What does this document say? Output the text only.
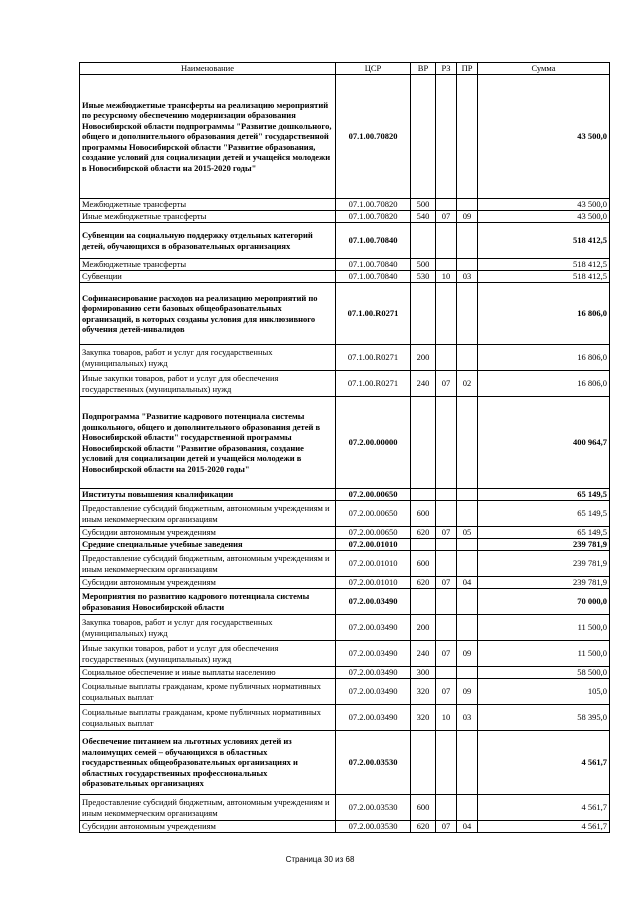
Наименование	ЦСР	ВР	РЗ	ПР	Сумма
Иные межбюджетные трансферты на реализацию мероприятий по ресурсному обеспечению модернизации образования Новосибирской области подпрограммы "Развитие дошкольного, общего и дополнительного образования детей" государственной программы Новосибирской области "Развитие образования, создание условий для социализации детей и учащейся молодежи в Новосибирской области на 2015-2020 годы"	07.1.00.70820				43 500,0
Межбюджетные трансферты	07.1.00.70820	500			43 500,0
Иные межбюджетные трансферты	07.1.00.70820	540	07	09	43 500,0
Субвенции на социальную поддержку отдельных категорий детей, обучающихся в образовательных организациях	07.1.00.70840				518 412,5
Межбюджетные трансферты	07.1.00.70840	500			518 412,5
Субвенции	07.1.00.70840	530	10	03	518 412,5
Софинансирование расходов на реализацию мероприятий по формированию сети базовых общеобразовательных организаций, в которых созданы условия для инклюзивного обучения детей-инвалидов	07.1.00.R0271				16 806,0
Закупка товаров, работ и услуг для государственных (муниципальных) нужд	07.1.00.R0271	200			16 806,0
Иные закупки товаров, работ и услуг для обеспечения государственных (муниципальных) нужд	07.1.00.R0271	240	07	02	16 806,0
Подпрограмма "Развитие кадрового потенциала системы дошкольного, общего и дополнительного образования детей в Новосибирской области" государственной программы Новосибирской области "Развитие образования, создание условий для социализации детей и учащейся молодежи в Новосибирской области на 2015-2020 годы"	07.2.00.00000				400 964,7
Институты повышения квалификации	07.2.00.00650				65 149,5
Предоставление субсидий бюджетным, автономным учреждениям и иным некоммерческим организациям	07.2.00.00650	600			65 149,5
Субсидии автономным учреждениям	07.2.00.00650	620	07	05	65 149,5
Средние специальные учебные заведения	07.2.00.01010				239 781,9
Предоставление субсидий бюджетным, автономным учреждениям и иным некоммерческим организациям	07.2.00.01010	600			239 781,9
Субсидии автономным учреждениям	07.2.00.01010	620	07	04	239 781,9
Мероприятия по развитию кадрового потенциала системы образования Новосибирской области	07.2.00.03490				70 000,0
Закупка товаров, работ и услуг для государственных (муниципальных) нужд	07.2.00.03490	200			11 500,0
Иные закупки товаров, работ и услуг для обеспечения государственных (муниципальных) нужд	07.2.00.03490	240	07	09	11 500,0
Социальное обеспечение и иные выплаты населению	07.2.00.03490	300			58 500,0
Социальные выплаты гражданам, кроме публичных нормативных социальных выплат	07.2.00.03490	320	07	09	105,0
Социальные выплаты гражданам, кроме публичных нормативных социальных выплат	07.2.00.03490	320	10	03	58 395,0
Обеспечение питанием на льготных условиях детей из малоимущих семей – обучающихся в областных государственных общеобразовательных организациях и областных государственных профессиональных образовательных организациях	07.2.00.03530				4 561,7
Предоставление субсидий бюджетным, автономным учреждениям и иным некоммерческим организациям	07.2.00.03530	600			4 561,7
Субсидии автономным учреждениям	07.2.00.03530	620	07	04	4 561,7
Страница 30 из 68
